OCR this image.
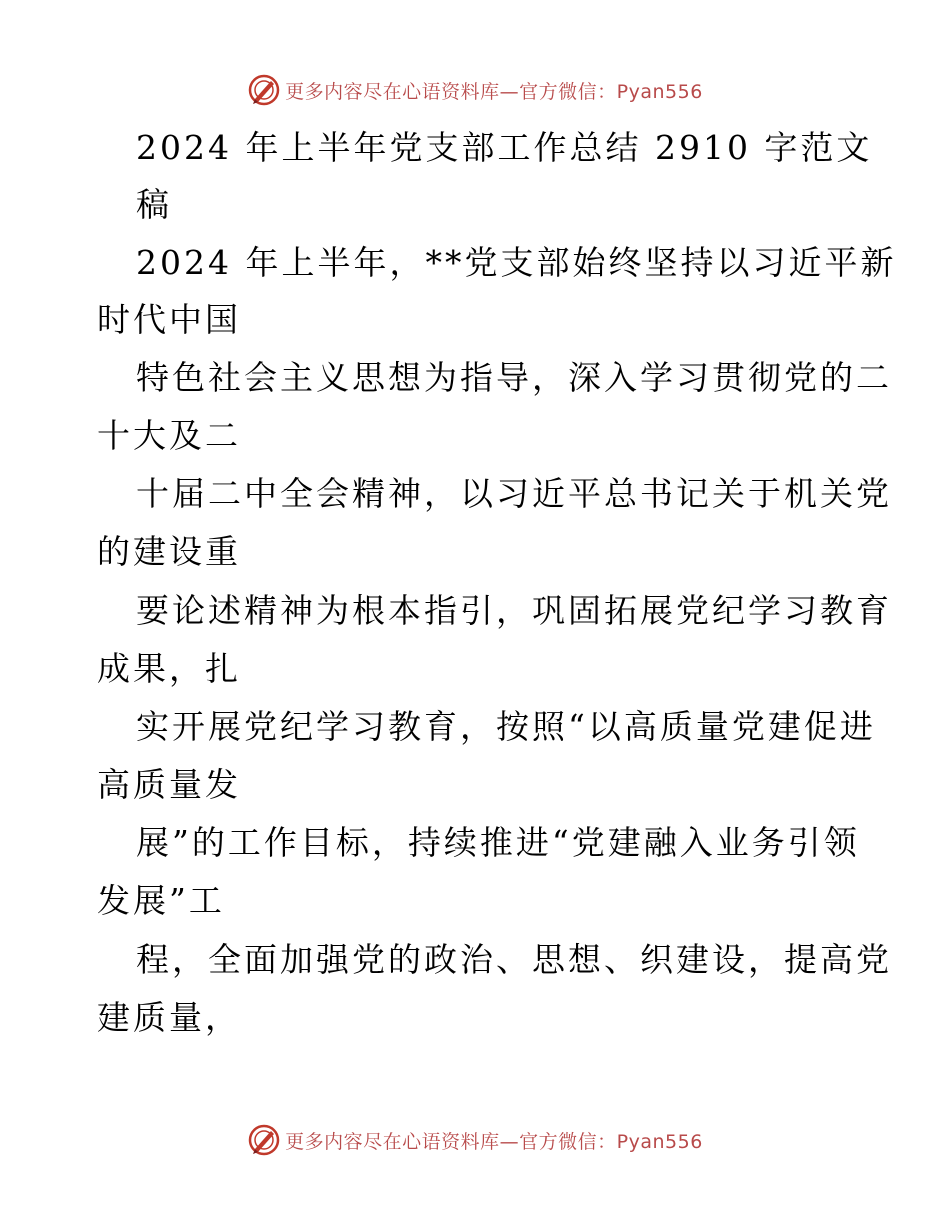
更多内容尽在心语资料库—官方微信：Pyan556
2024 年上半年党支部工作总结 2910 字范文
稿
2024 年上半年，**党支部始终坚持以习近平新
时代中国
特色社会主义思想为指导，深入学习贯彻党的二
十大及二
十届二中全会精神，以习近平总书记关于机关党
的建设重
要论述精神为根本指引，巩固拓展党纪学习教育
成果，扎
实开展党纪学习教育，按照“以高质量党建促进
高质量发
展”的工作目标，持续推进“党建融入业务引领
发展”工
程，全面加强党的政治、思想、织建设，提高党
建质量，
更多内容尽在心语资料库—官方微信：Pyan556
